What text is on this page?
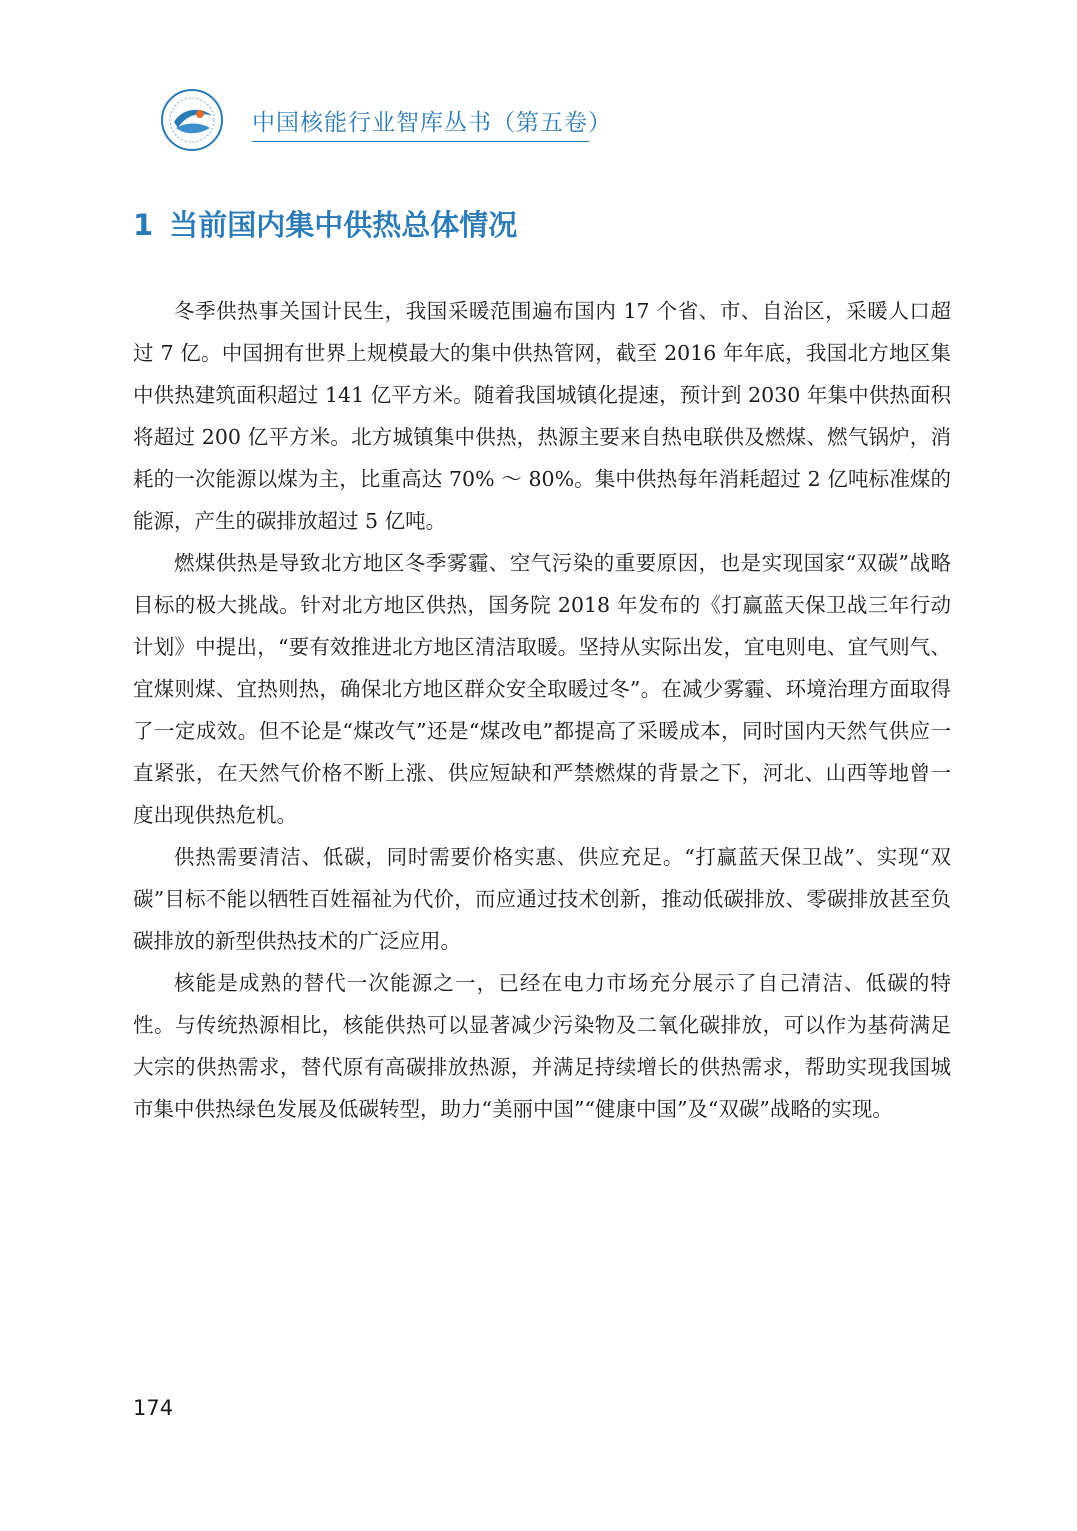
中国核能行业智库丛书（第五卷）
1 当前国内集中供热总体情况

冬季供热事关国计民生，我国采暖范围遍布国内 17 个省、市、自治区，采暖人口超过 7 亿。中国拥有世界上规模最大的集中供热管网，截至 2016 年年底，我国北方地区集中供热建筑面积超过 141 亿平方米。随着我国城镇化提速，预计到 2030 年集中供热面积将超过 200 亿平方米。北方城镇集中供热，热源主要来自热电联供及燃煤、燃气锅炉，消耗的一次能源以煤为主，比重高达 70% ～ 80%。集中供热每年消耗超过 2 亿吨标准煤的能源，产生的碳排放超过 5 亿吨。

燃煤供热是导致北方地区冬季雾霾、空气污染的重要原因，也是实现国家“双碳”战略目标的极大挑战。针对北方地区供热，国务院 2018 年发布的《打赢蓝天保卫战三年行动计划》中提出，“要有效推进北方地区清洁取暖。坚持从实际出发，宜电则电、宜气则气、宜煤则煤、宜热则热，确保北方地区群众安全取暖过冬”。在减少雾霾、环境治理方面取得了一定成效。但不论是“煤改气”还是“煤改电”都提高了采暖成本，同时国内天然气供应一直紧张，在天然气价格不断上涨、供应短缺和严禁燃煤的背景之下，河北、山西等地曾一度出现供热危机。

供热需要清洁、低碳，同时需要价格实惠、供应充足。“打赢蓝天保卫战”、实现“双碳”目标不能以牺牲百姓福祉为代价，而应通过技术创新，推动低碳排放、零碳排放甚至负碳排放的新型供热技术的广泛应用。

核能是成熟的替代一次能源之一，已经在电力市场充分展示了自己清洁、低碳的特性。与传统热源相比，核能供热可以显著减少污染物及二氧化碳排放，可以作为基荷满足大宗的供热需求，替代原有高碳排放热源，并满足持续增长的供热需求，帮助实现我国城市集中供热绿色发展及低碳转型，助力“美丽中国”“健康中国”及“双碳”战略的实现。

174
